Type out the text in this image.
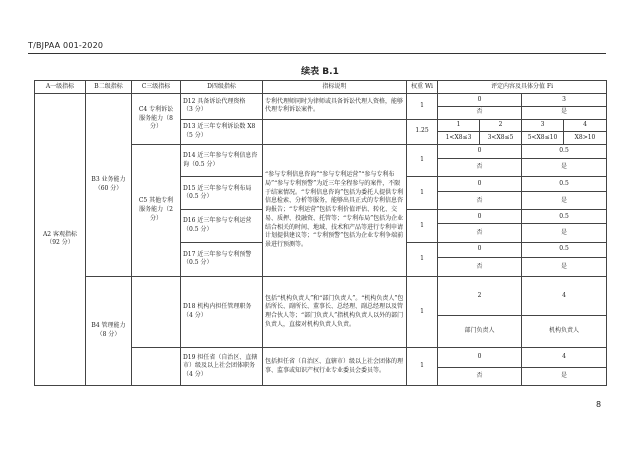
T/BJPAA 001-2020
续表 B.1
A一级指标	B二级指标	C三级指标	D四级指标	指标说明	权重 Wi	评定内容及具体分值 Fi			
A2 客观指标
（92 分）	B3 业务能力
（60 分）	C4 专利诉讼
服务能力（8
分）	D12 具备诉讼代理资格
（3 分）	专利代理师同时为律师或具备诉讼代理人资格，能够代理专利诉讼案件。	1	0		3	
						否		是	
			D13 近三年专利诉讼数 X8（5 分）		1.25	1	2	3	4
						1<X8≤3	3<X8≤5	5<X8≤10	X8>10
		C5 其他专利
服务能力（2
分）	D14 近三年参与专利信息咨询（0.5 分）	“参与专利信息咨询”“参与专利运营”“参与专利布局”“参与专利预警”为近三年全程参与的案件，不限于结案情况。“专利信息咨询”包括为委托人提供专利信息检索、分析等服务，能够出具正式的专利信息咨询报告；“专利运营”包括专利价值评估、转化、交易、质押、投融资、托管等；“专利布局”包括为企业结合相关的时间、地域、技术和产品等进行专利申请计划提供建议等；“专利预警”包括为企业专利争端前景进行预测等。	1	0		0.5	
						否		是	

			D15 近三年参与专利布局（0.5 分）		1	0		0.5	
						否		是	

			D16 近三年参与专利运营（0.5 分）		1	0		0.5	
						否		是	

			D17 近三年参与专利预警（0.5 分）		1	0		0.5	
						否		是	

	B4 管理能力
（8 分）		D18 机构内担任管理职务（4 分）	包括“机构负责人”和“部门负责人”。“机构负责人”包括所长、副所长、董事长、总经理、副总经理以及管理合伙人等；“部门负责人”指机构负责人以外的部门负责人，直接对机构负责人负责。	1	2		4	
						部门负责人		机构负责人	

			D19 担任省（自治区、直辖市）级及以上社会团体职务（4 分）	包括担任省（自治区、直辖市）级以上社会团体的理事、监事或知识产权行业专业委员会委员等。	1	0		4	

						否		是	

8
